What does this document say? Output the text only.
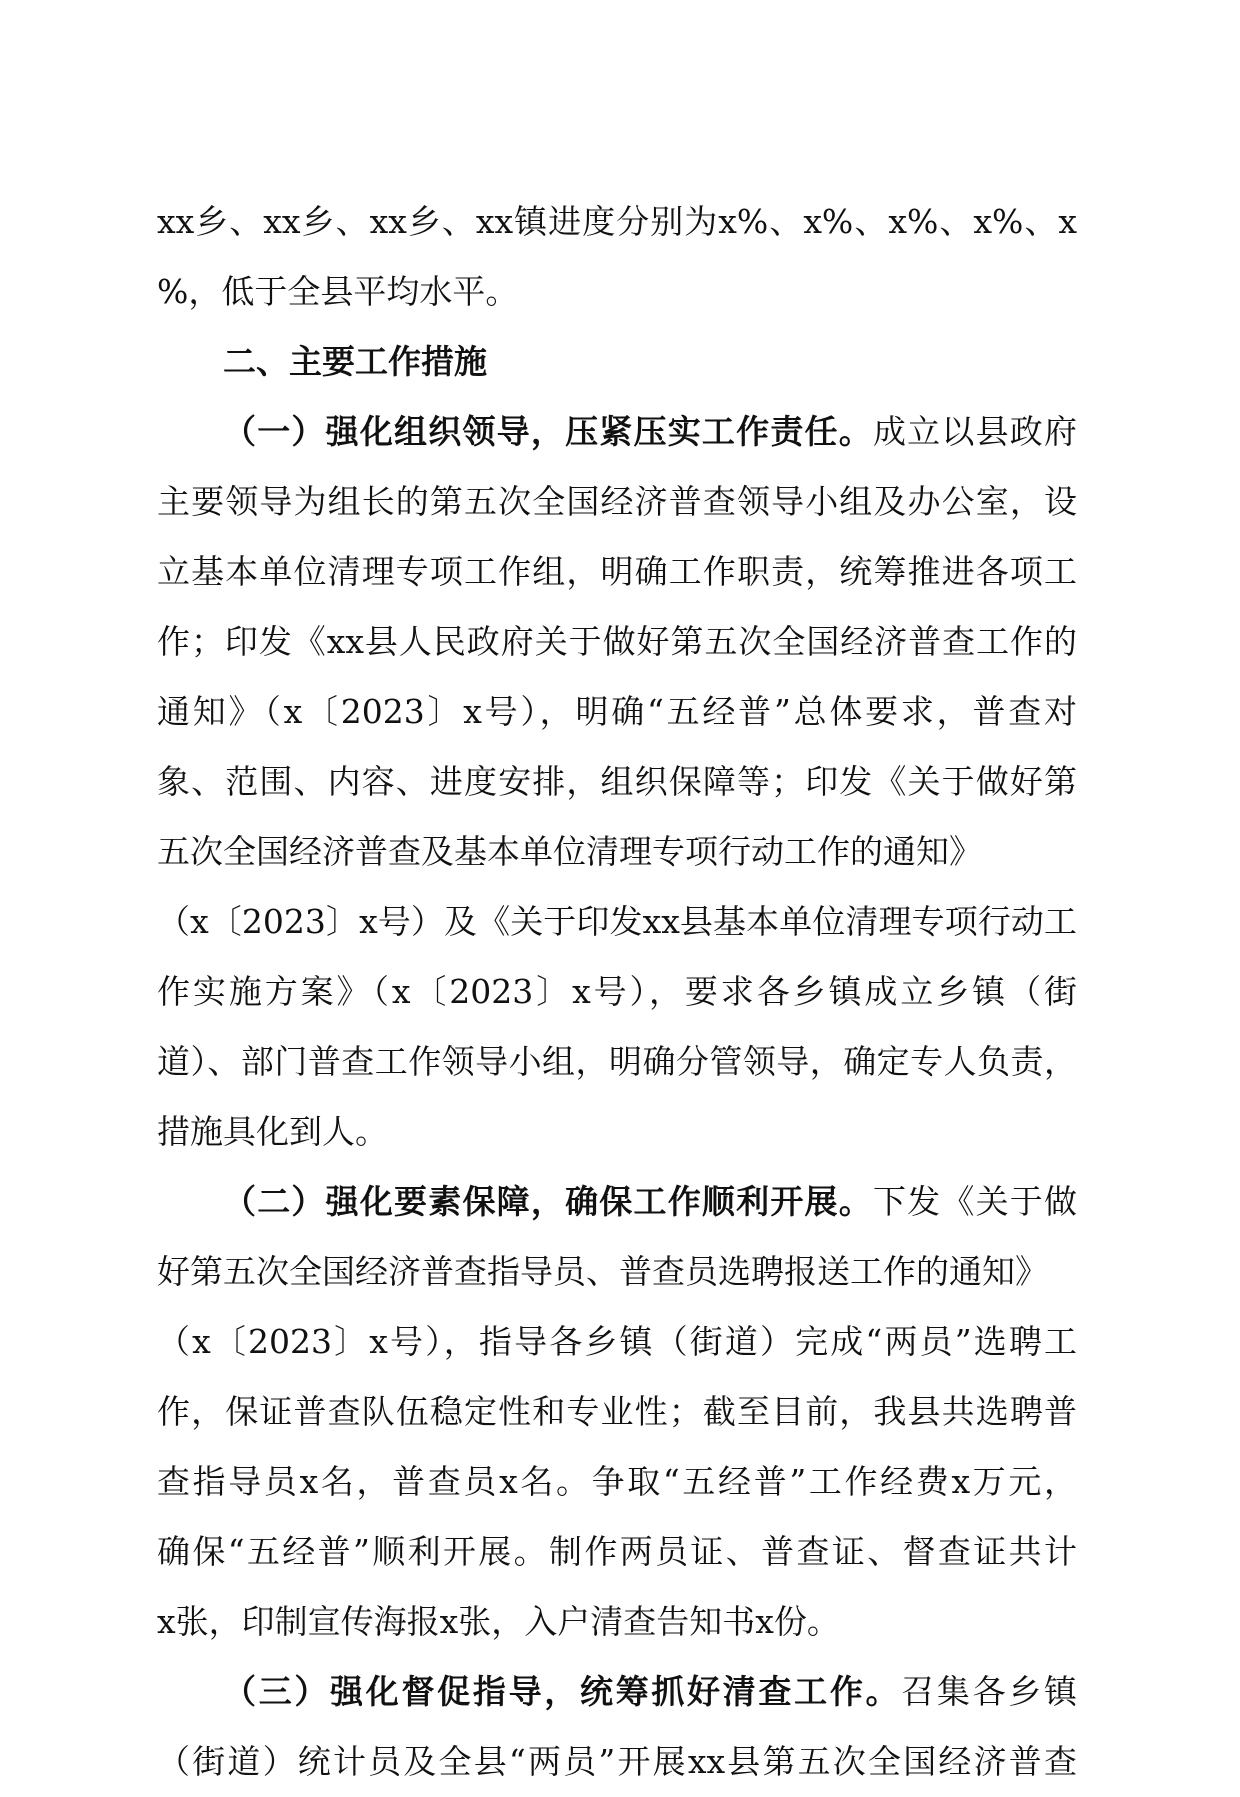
xx乡、xx乡、xx乡、xx镇进度分别为x%、x%、x%、x%、x
%，低于全县平均水平。
二、主要工作措施
（一）强化组织领导，压紧压实工作责任。成立以县政府
主要领导为组长的第五次全国经济普查领导小组及办公室，设
立基本单位清理专项工作组，明确工作职责，统筹推进各项工
作；印发《xx县人民政府关于做好第五次全国经济普查工作的
通知》（x〔2023〕x号），明确“五经普”总体要求，普查对
象、范围、内容、进度安排，组织保障等；印发《关于做好第
五次全国经济普查及基本单位清理专项行动工作的通知》
（x〔2023〕x号）及《关于印发xx县基本单位清理专项行动工
作实施方案》（x〔2023〕x号），要求各乡镇成立乡镇（街
道）、部门普查工作领导小组，明确分管领导，确定专人负责，
措施具化到人。
（二）强化要素保障，确保工作顺利开展。下发《关于做
好第五次全国经济普查指导员、普查员选聘报送工作的通知》
（x〔2023〕x号），指导各乡镇（街道）完成“两员”选聘工
作，保证普查队伍稳定性和专业性；截至目前，我县共选聘普
查指导员x名，普查员x名。争取“五经普”工作经费x万元，
确保“五经普”顺利开展。制作两员证、普查证、督查证共计
x张，印制宣传海报x张，入户清查告知书x份。
（三）强化督促指导，统筹抓好清查工作。召集各乡镇
（街道）统计员及全县“两员”开展xx县第五次全国经济普查
